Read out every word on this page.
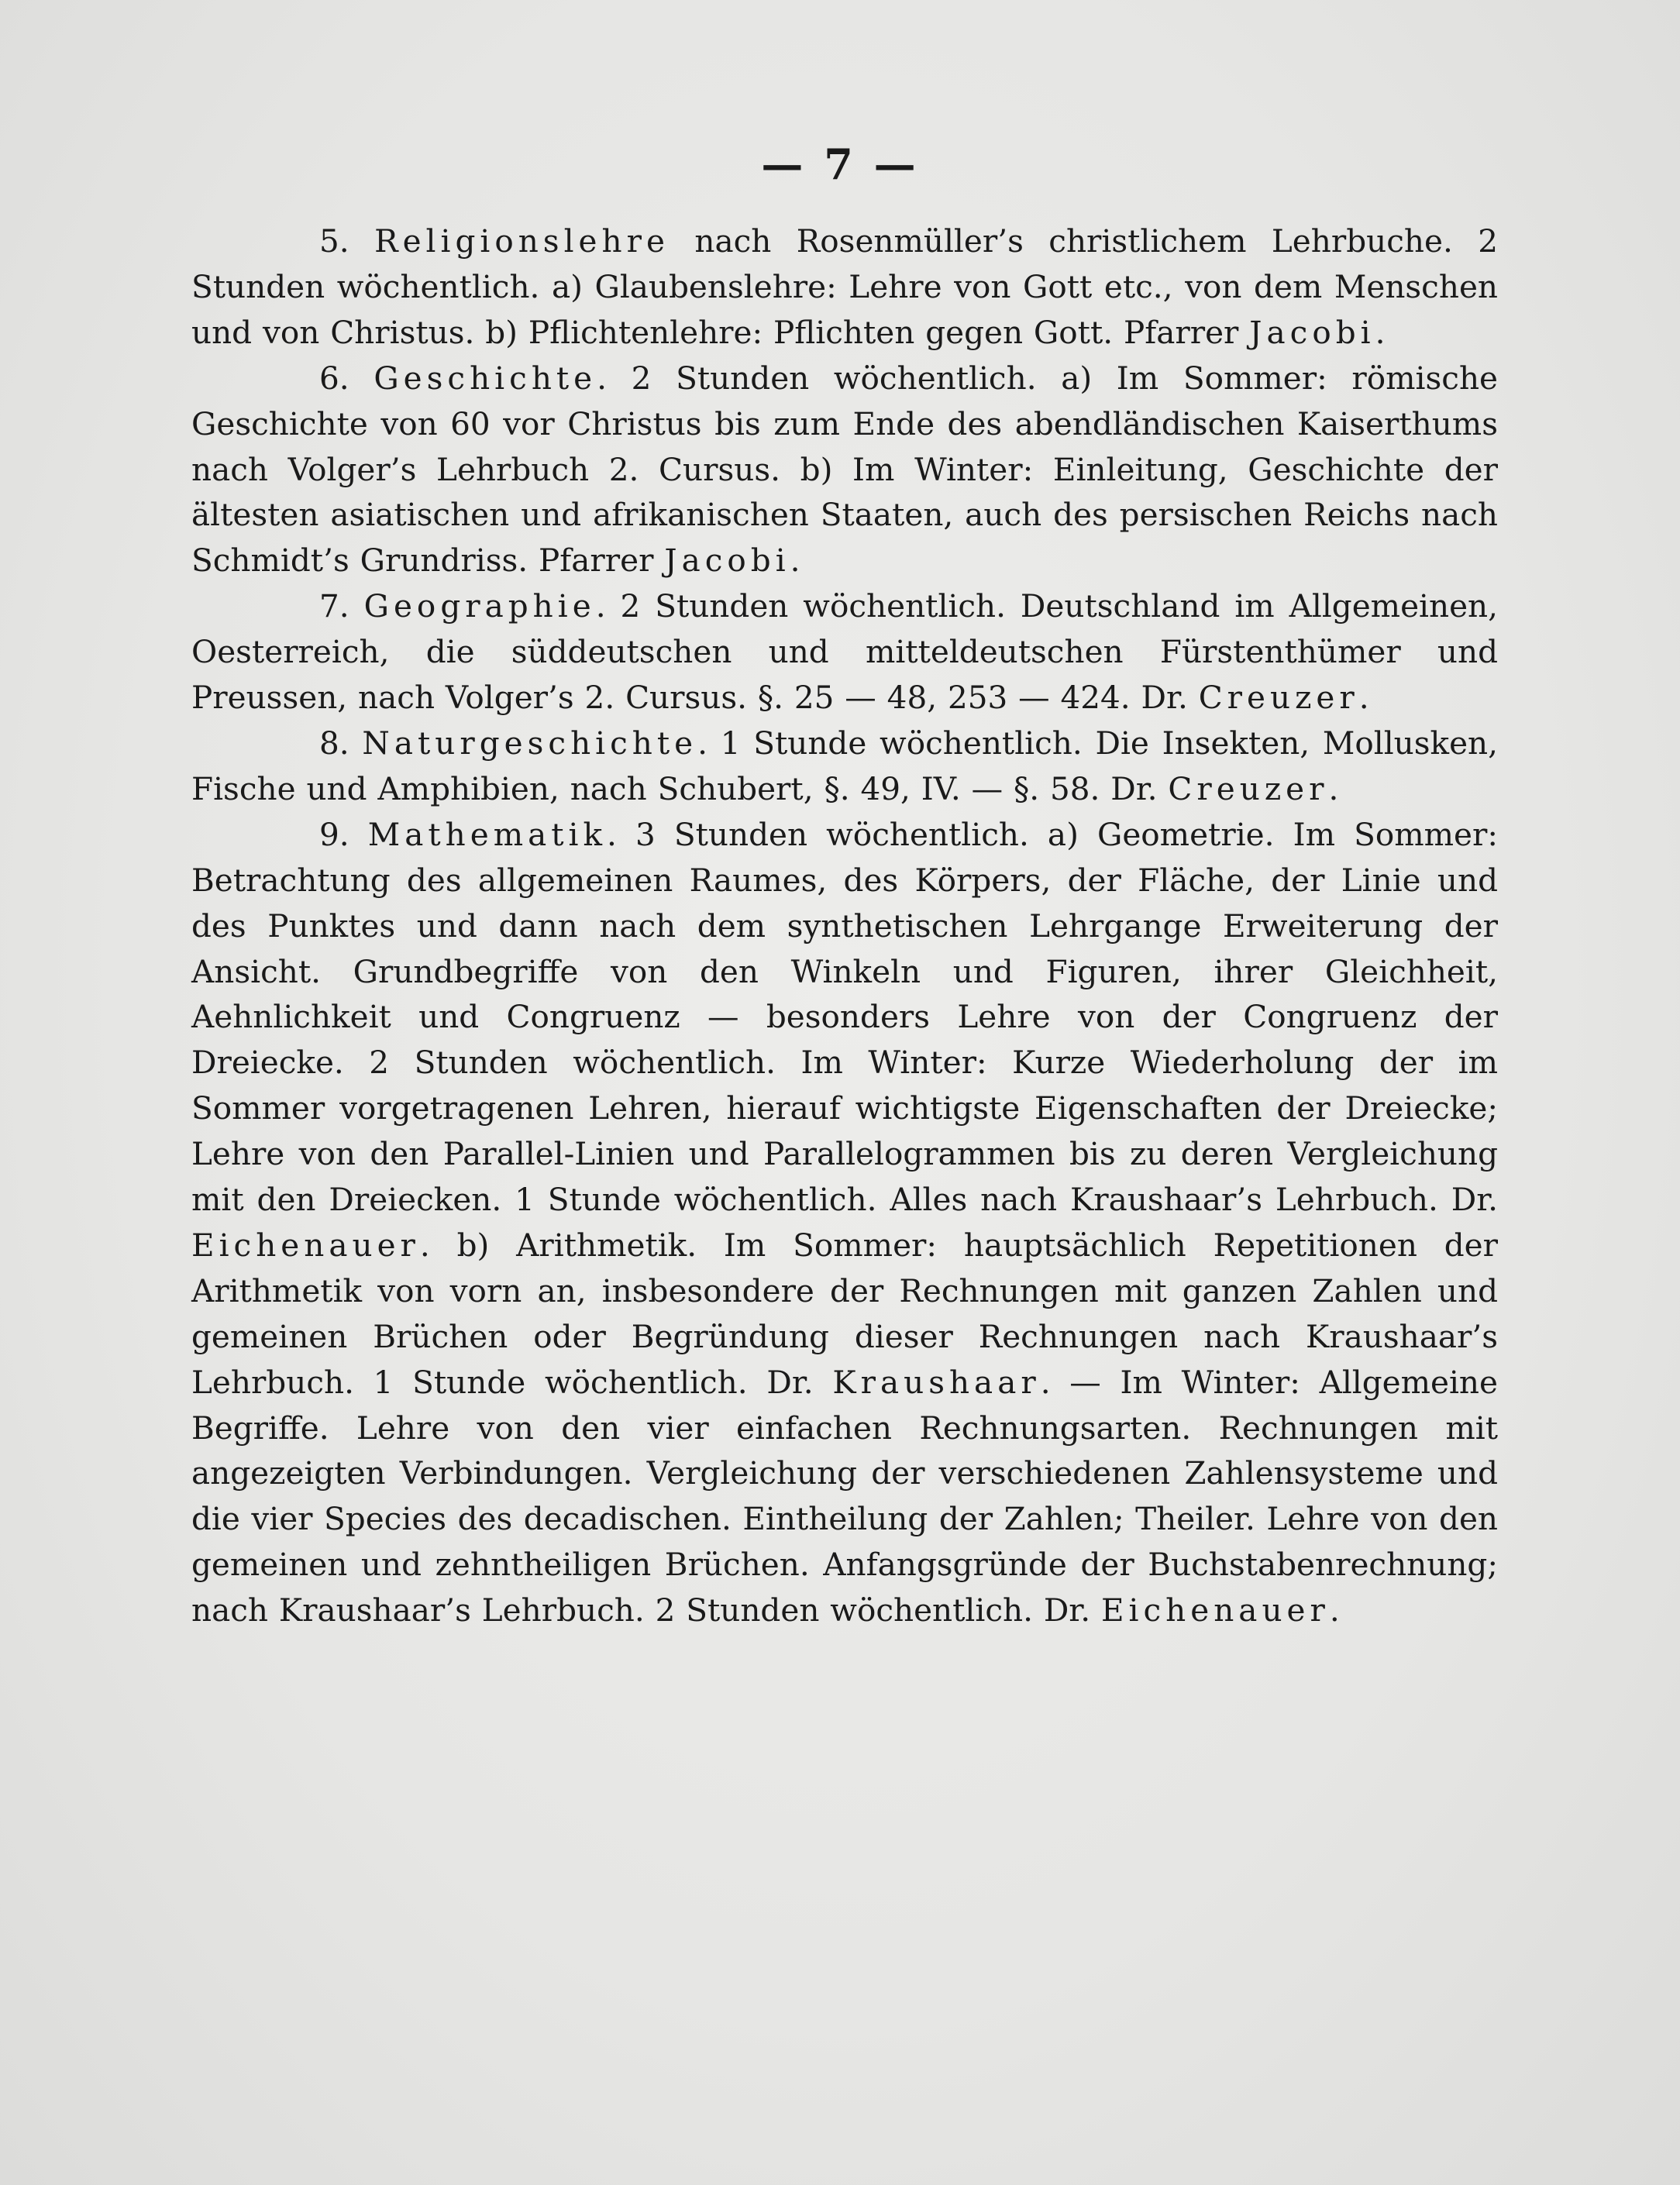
— 7 —

5. Religionslehre nach Rosenmüller’s christlichem Lehrbuche. 2 Stunden wöchentlich. a) Glaubenslehre: Lehre von Gott etc., von dem Menschen und von Christus. b) Pflichtenlehre: Pflichten gegen Gott. Pfarrer Jacobi.

6. Geschichte. 2 Stunden wöchentlich. a) Im Sommer: römische Geschichte von 60 vor Christus bis zum Ende des abendländischen Kaiserthums nach Volger’s Lehrbuch 2. Cursus. b) Im Winter: Einleitung, Geschichte der ältesten asiatischen und afrikanischen Staaten, auch des persischen Reichs nach Schmidt’s Grundriss. Pfarrer Jacobi.

7. Geographie. 2 Stunden wöchentlich. Deutschland im Allgemeinen, Oesterreich, die süddeutschen und mitteldeutschen Fürstenthümer und Preussen, nach Volger’s 2. Cursus. §. 25 — 48, 253 — 424. Dr. Creuzer.

8. Naturgeschichte. 1 Stunde wöchentlich. Die Insekten, Mollusken, Fische und Amphibien, nach Schubert, §. 49, IV. — §. 58. Dr. Creuzer.

9. Mathematik. 3 Stunden wöchentlich. a) Geometrie. Im Sommer: Betrachtung des allgemeinen Raumes, des Körpers, der Fläche, der Linie und des Punktes und dann nach dem synthetischen Lehrgange Erweiterung der Ansicht. Grundbegriffe von den Winkeln und Figuren, ihrer Gleichheit, Aehnlichkeit und Congruenz — besonders Lehre von der Congruenz der Dreiecke. 2 Stunden wöchentlich. Im Winter: Kurze Wiederholung der im Sommer vorgetragenen Lehren, hierauf wichtigste Eigenschaften der Dreiecke; Lehre von den Parallel-Linien und Parallelogrammen bis zu deren Vergleichung mit den Dreiecken. 1 Stunde wöchentlich. Alles nach Kraushaar’s Lehrbuch. Dr. Eichenauer. b) Arithmetik. Im Sommer: hauptsächlich Repetitionen der Arithmetik von vorn an, insbesondere der Rechnungen mit ganzen Zahlen und gemeinen Brüchen oder Begründung dieser Rechnungen nach Kraushaar’s Lehrbuch. 1 Stunde wöchentlich. Dr. Kraushaar. — Im Winter: Allgemeine Begriffe. Lehre von den vier einfachen Rechnungsarten. Rechnungen mit angezeigten Verbindungen. Vergleichung der verschiedenen Zahlensysteme und die vier Species des decadischen. Eintheilung der Zahlen; Theiler. Lehre von den gemeinen und zehntheiligen Brüchen. Anfangsgründe der Buchstabenrechnung; nach Kraushaar’s Lehrbuch. 2 Stunden wöchentlich. Dr. Eichenauer.
